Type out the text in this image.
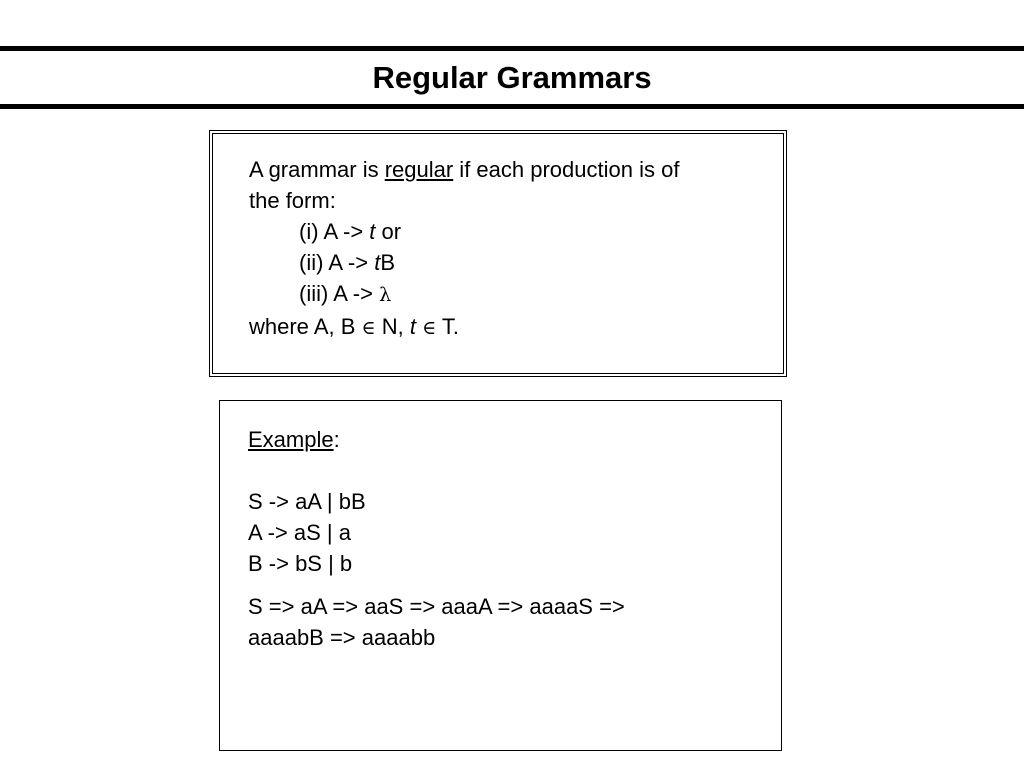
Regular Grammars
A grammar is regular if each production is of
the form:
(i) A -> t or
(ii) A -> tB
(iii) A -> λ
where A, B ∈ N, t ∈ T.
Example:
S -> aA | bB
A -> aS | a
B -> bS | b
S => aA => aaS => aaaA => aaaaS =>
aaaabB => aaaabb
